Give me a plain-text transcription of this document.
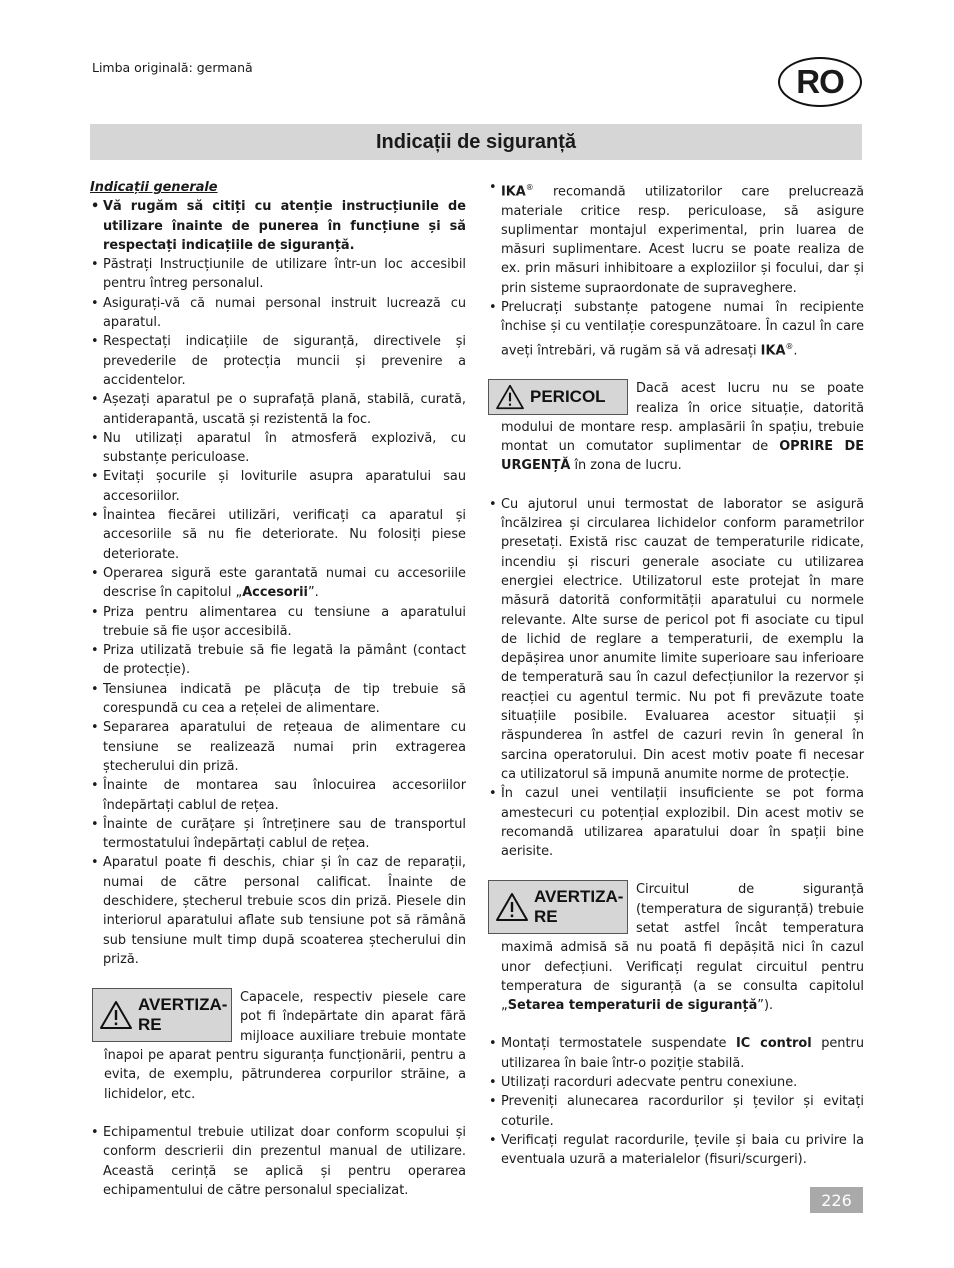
Limba originală: germană	RO
Indicații de siguranță
Indicații generale
• Vă rugăm să citiți cu atenție instrucțiunile de utilizare înainte de punerea în funcțiune și să respectați indicațiile de siguranță.
• Păstrați Instrucțiunile de utilizare într-un loc accesibil pentru întreg personalul.
• Asigurați-vă că numai personal instruit lucrează cu aparatul.
• Respectați indicațiile de siguranță, directivele și prevederile de protecția muncii și prevenire a accidentelor.
• Așezați aparatul pe o suprafață plană, stabilă, curată, antiderapantă, uscată și rezistentă la foc.
• Nu utilizați aparatul în atmosferă explozivă, cu substanțe periculoase.
• Evitați șocurile și loviturile asupra aparatului sau accesoriilor.
• Înaintea fiecărei utilizări, verificați ca aparatul și accesoriile să nu fie deteriorate. Nu folosiți piese deteriorate.
• Operarea sigură este garantată numai cu accesoriile descrise în capitolul „Accesorii”.
• Priza pentru alimentarea cu tensiune a aparatului trebuie să fie ușor accesibilă.
• Priza utilizată trebuie să fie legată la pământ (contact de protecție).
• Tensiunea indicată pe plăcuța de tip trebuie să corespundă cu cea a rețelei de alimentare.
• Separarea aparatului de rețeaua de alimentare cu tensiune se realizează numai prin extragerea ștecherului din priză.
• Înainte de montarea sau înlocuirea accesoriilor îndepărtați cablul de rețea.
• Înainte de curățare și întreținere sau de transportul termostatului îndepărtați cablul de rețea.
• Aparatul poate fi deschis, chiar și în caz de reparații, numai de către personal calificat. Înainte de deschidere, ștecherul trebuie scos din priză. Piesele din interiorul aparatului aflate sub tensiune pot să rămână sub tensiune mult timp după scoaterea ștecherului din priză.
AVERTIZA-
RE
Capacele, respectiv piesele care pot fi îndepărtate din aparat fără mijloace auxiliare trebuie montate înapoi pe aparat pentru siguranța funcționării, pentru a evita, de exemplu, pătrunderea corpurilor străine, a lichidelor, etc.
• Echipamentul trebuie utilizat doar conform scopului și conform descrierii din prezentul manual de utilizare. Această cerință se aplică și pentru operarea echipamentului de către personalul specializat.
• IKA® recomandă utilizatorilor care prelucrează materiale critice resp. periculoase, să asigure suplimentar montajul experimental, prin luarea de măsuri suplimentare. Acest lucru se poate realiza de ex. prin măsuri inhibitoare a exploziilor și focului, dar și prin sisteme supraordonate de supraveghere.
• Prelucrați substanțe patogene numai în recipiente închise și cu ventilație corespunzătoare. În cazul în care aveți întrebări, vă rugăm să vă adresați IKA®.
PERICOL	Dacă acest lucru nu se poate realiza în orice situație, datorită modului de montare resp. amplasării în spațiu, trebuie montat un comutator suplimentar de OPRIRE DE URGENȚĂ în zona de lucru.
• Cu ajutorul unui termostat de laborator se asigură încălzirea și circularea lichidelor conform parametrilor presetați. Există risc cauzat de temperaturile ridicate, incendiu și riscuri generale asociate cu utilizarea energiei electrice. Utilizatorul este protejat în mare măsură datorită conformității aparatului cu normele relevante. Alte surse de pericol pot fi asociate cu tipul de lichid de reglare a temperaturii, de exemplu la depășirea unor anumite limite superioare sau inferioare de temperatură sau în cazul defecțiunilor la rezervor și reacției cu agentul termic. Nu pot fi prevăzute toate situațiile posibile. Evaluarea acestor situații și răspunderea în astfel de cazuri revin în general în sarcina operatorului. Din acest motiv poate fi necesar ca utilizatorul să impună anumite norme de protecție.
• În cazul unei ventilații insuficiente se pot forma amestecuri cu potențial explozibil. Din acest motiv se recomandă utilizarea aparatului doar în spații bine aerisite.
AVERTIZA-
RE
Circuitul de siguranță (temperatura de siguranță) trebuie setat astfel încât temperatura maximă admisă să nu poată fi depășită nici în cazul unor defecțiuni. Verificați regulat circuitul pentru temperatura de siguranță (a se consulta capitolul „Setarea temperaturii de siguranță”).
• Montați termostatele suspendate IC control pentru utilizarea în baie într-o poziție stabilă.
• Utilizați racorduri adecvate pentru conexiune.
• Preveniți alunecarea racordurilor și țevilor și evitați coturile.
• Verificați regulat racordurile, țevile și baia cu privire la eventuala uzură a materialelor (fisuri/scurgeri).
226
